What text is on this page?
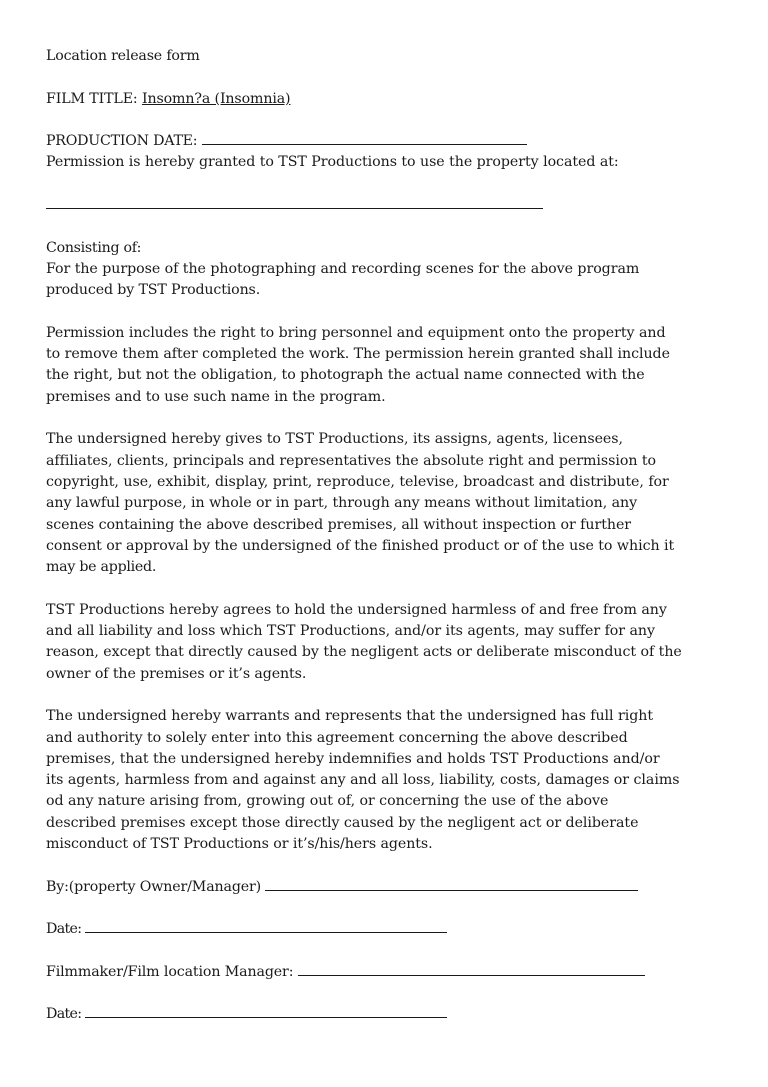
Location release form
FILM TITLE: Insomn?a (Insomnia)
PRODUCTION DATE:
Permission is hereby granted to TST Productions to use the property located at:
Consisting of:
For the purpose of the photographing and recording scenes for the above program
produced by TST Productions.
Permission includes the right to bring personnel and equipment onto the property and
to remove them after completed the work. The permission herein granted shall include
the right, but not the obligation, to photograph the actual name connected with the
premises and to use such name in the program.
The undersigned hereby gives to TST Productions, its assigns, agents, licensees,
affiliates, clients, principals and representatives the absolute right and permission to
copyright, use, exhibit, display, print, reproduce, televise, broadcast and distribute, for
any lawful purpose, in whole or in part, through any means without limitation, any
scenes containing the above described premises, all without inspection or further
consent or approval by the undersigned of the finished product or of the use to which it
may be applied.
TST Productions hereby agrees to hold the undersigned harmless of and free from any
and all liability and loss which TST Productions, and/or its agents, may suffer for any
reason, except that directly caused by the negligent acts or deliberate misconduct of the
owner of the premises or it’s agents.
The undersigned hereby warrants and represents that the undersigned has full right
and authority to solely enter into this agreement concerning the above described
premises, that the undersigned hereby indemnifies and holds TST Productions and/or
its agents, harmless from and against any and all loss, liability, costs, damages or claims
od any nature arising from, growing out of, or concerning the use of the above
described premises except those directly caused by the negligent act or deliberate
misconduct of TST Productions or it’s/his/hers agents.
By:(property Owner/Manager)
Date:
Filmmaker/Film location Manager:
Date:
